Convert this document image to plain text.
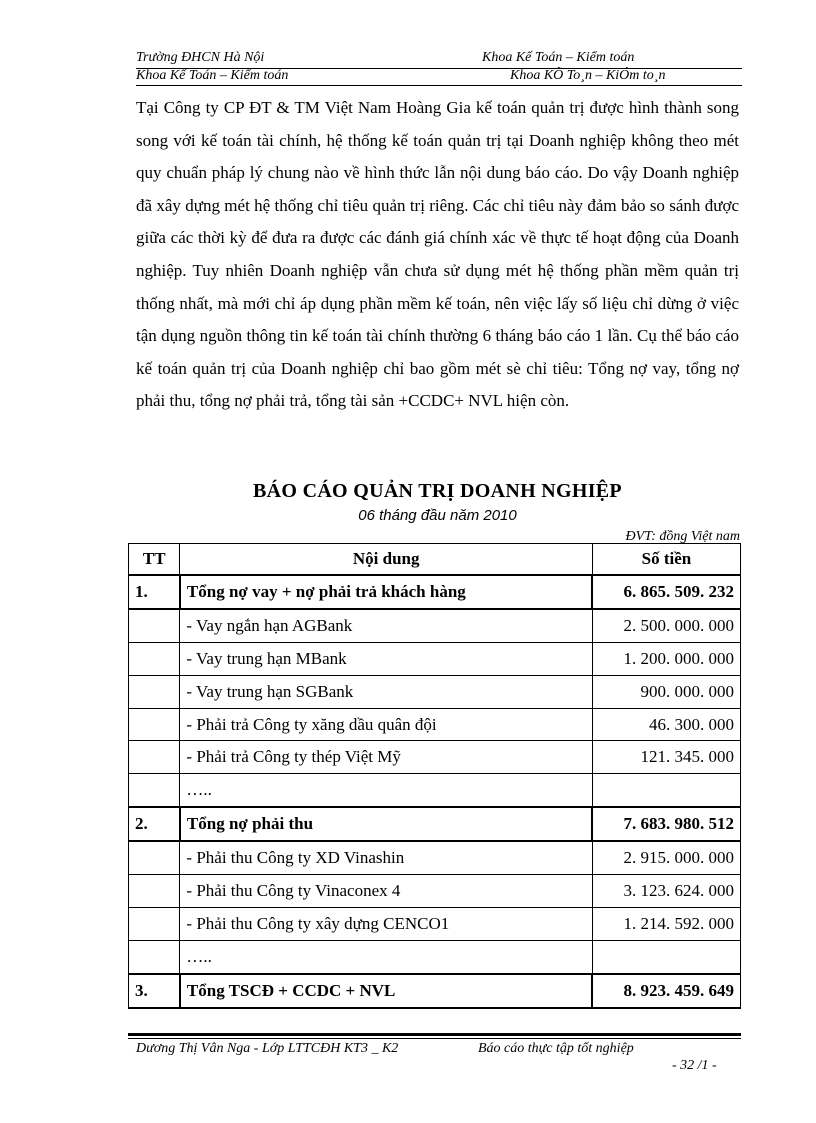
Trường ĐHCN Hà Nội	Khoa Kế Toán – Kiểm toán
Khoa Kế Toán – Kiểm toán	Khoa KÕ To¸n – KiÓm to¸n
Tại Công ty CP ĐT & TM Việt Nam Hoàng Gia kế toán quản trị được hình thành song song với kế toán tài chính, hệ thống kế toán quản trị tại Doanh nghiệp không theo mét quy chuẩn pháp lý chung nào về hình thức lẫn nội dung báo cáo. Do vậy Doanh nghiệp đã xây dựng mét hệ thống chỉ tiêu quản trị riêng. Các chỉ tiêu này đảm bảo so sánh được giữa các thời kỳ để đưa ra được các đánh giá chính xác về thực tế hoạt động của Doanh nghiệp. Tuy nhiên Doanh nghiệp vẫn chưa sử dụng mét hệ thống phần mềm quản trị thống nhất, mà mới chỉ áp dụng phần mềm kế toán, nên việc lấy số liệu chỉ dừng ở việc tận dụng nguồn thông tin kế toán tài chính thường 6 tháng báo cáo 1 lần. Cụ thể báo cáo kế toán quản trị của Doanh nghiệp chỉ bao gồm mét sè chỉ tiêu: Tổng nợ vay, tổng nợ phải thu, tổng nợ phải trả, tổng tài sản +CCDC+ NVL hiện còn.
BÁO CÁO QUẢN TRỊ DOANH NGHIỆP
06 tháng đầu năm 2010
ĐVT: đồng Việt nam
TT	Nội dung	Số tiền
1.	Tổng nợ vay + nợ phải trả khách hàng	6. 865. 509. 232
	- Vay ngắn hạn AGBank	2. 500. 000. 000
	- Vay trung hạn MBank	1. 200. 000. 000
	- Vay trung hạn SGBank	900. 000. 000
	- Phải trả Công ty xăng dầu quân đội	46. 300. 000
	- Phải trả Công ty thép Việt Mỹ	121. 345. 000
	…..	
2.	Tổng nợ phải thu	7. 683. 980. 512
	- Phải thu Công ty XD Vinashin	2. 915. 000. 000
	- Phải thu Công ty Vinaconex 4	3. 123. 624. 000
	- Phải thu Công ty xây dựng CENCO1	1. 214. 592. 000
	…..	
3.	Tổng TSCĐ + CCDC + NVL	8. 923. 459. 649
Dương Thị Vân Nga - Lớp LTTCĐH KT3 _ K2	Báo cáo thực tập tốt nghiệp
- 32 /1 -
